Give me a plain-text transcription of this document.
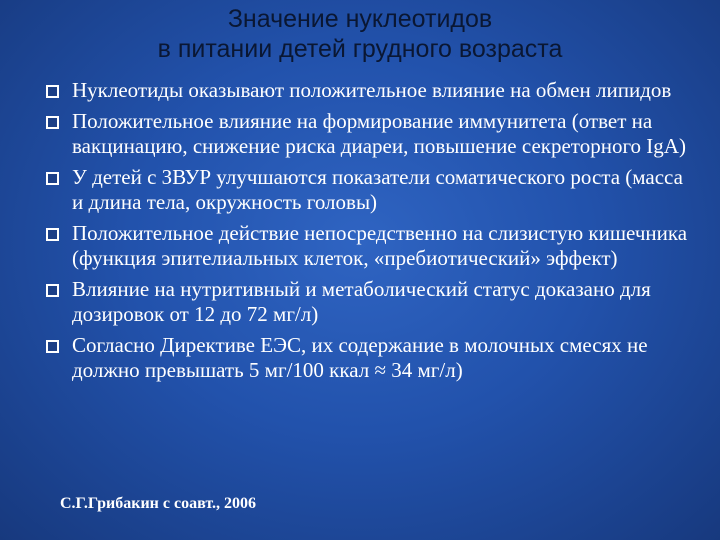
Значение нуклеотидов
в питании детей грудного возраста
Нуклеотиды оказывают положительное влияние на обмен липидов
Положительное влияние на формирование иммунитета (ответ на вакцинацию, снижение риска диареи, повышение секреторного IgA)
У детей с ЗВУР улучшаются показатели соматического роста (масса и длина тела, окружность головы)
Положительное действие непосредственно на слизистую кишечника (функция эпителиальных клеток, «пребиотический» эффект)
Влияние на нутритивный и метаболический статус доказано для дозировок от 12 до 72 мг/л)
Согласно Директиве ЕЭС, их содержание в молочных смесях не должно превышать 5 мг/100 ккал ≈ 34 мг/л)
С.Г.Грибакин с соавт., 2006
